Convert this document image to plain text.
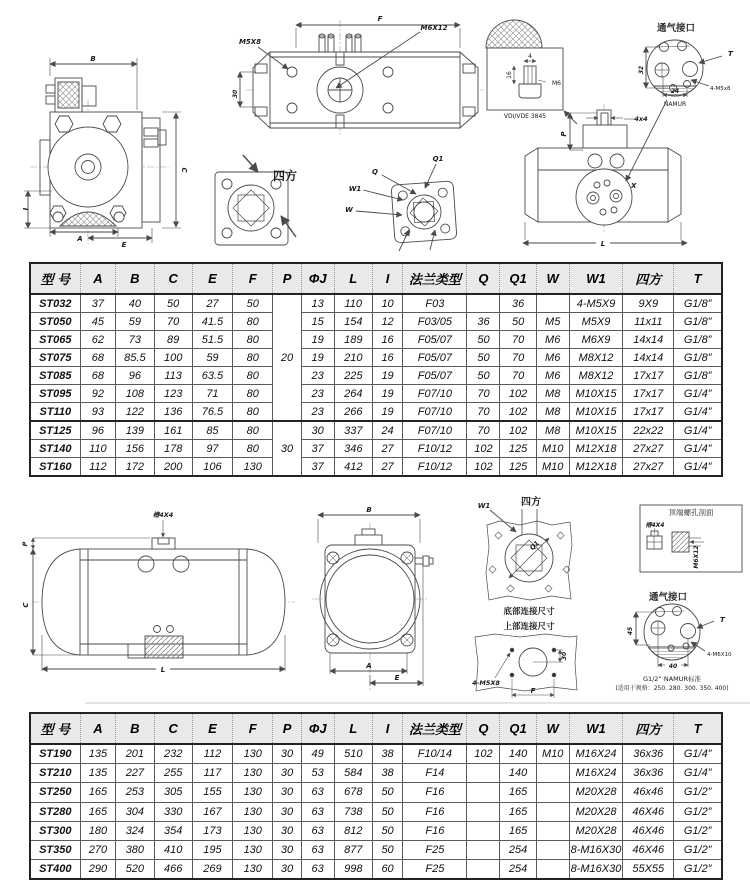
B
C
I
A
E
F
M5X8
M6X12
30
四方	Q
Q1
W1
W
4
16
M6
VDI/VDE 3845
通气接口
32
24
NAMUR
T
4-M5x8
4x4
P
X
L
型 号	A	B	C	E	F	P	ΦJ	L	I	法兰类型	Q	Q1	W	W1	四方	T
ST032	37	40	50	27	50	20	13	110	10	F03		36		4-M5X9	9X9	G1/8”
ST050	45	59	70	41.5	80		15	154	12	F03/05	36	50	M5	M5X9	11x11	G1/8”
ST065	62	73	89	51.5	80		19	189	16	F05/07	50	70	M6	M6X9	14x14	G1/8”
ST075	68	85.5	100	59	80		19	210	16	F05/07	50	70	M6	M8X12	14x14	G1/8”
ST085	68	96	113	63.5	80		23	225	19	F05/07	50	70	M6	M8X12	17x17	G1/8”
ST095	92	108	123	71	80		23	264	19	F07/10	70	102	M8	M10X15	17x17	G1/4”
ST110	93	122	136	76.5	80		23	266	19	F07/10	70	102	M8	M10X15	17x17	G1/4”
ST125	96	139	161	85	80	30	30	337	24	F07/10	70	102	M8	M10X15	22x22	G1/4”
ST140	110	156	178	97	80		37	346	27	F10/12	102	125	M10	M12X18	27x27	G1/4”
ST160	112	172	200	106	130		37	412	27	F10/12	102	125	M10	M12X18	27x27	G1/4”
槽4X4
P
C
L
B
A
E
四方
W1
Q1
底部连接尺寸
上部连接尺寸
4-M5X8
F
30
顶端螺孔剖面
槽4X4
M6X12
通气接口
45
40
T
4-M6X10
G1/2” NAMUR标准
(适用于规格：250. 280. 300. 350. 400)
型 号	A	B	C	E	F	P	ΦJ	L	I	法兰类型	Q	Q1	W	W1	四方	T
ST190	135	201	232	112	130	30	49	510	38	F10/14	102	140	M10	M16X24	36x36	G1/4”
ST210	135	227	255	117	130	30	53	584	38	F14		140		M16X24	36x36	G1/4”
ST250	165	253	305	155	130	30	63	678	50	F16		165		M20X28	46x46	G1/2”
ST280	165	304	330	167	130	30	63	738	50	F16		165		M20X28	46X46	G1/2”
ST300	180	324	354	173	130	30	63	812	50	F16		165		M20X28	46X46	G1/2”
ST350	270	380	410	195	130	30	63	877	50	F25		254		8-M16X30	46X46	G1/2”
ST400	290	520	466	269	130	30	63	998	60	F25		254		8-M16X30	55X55	G1/2”
